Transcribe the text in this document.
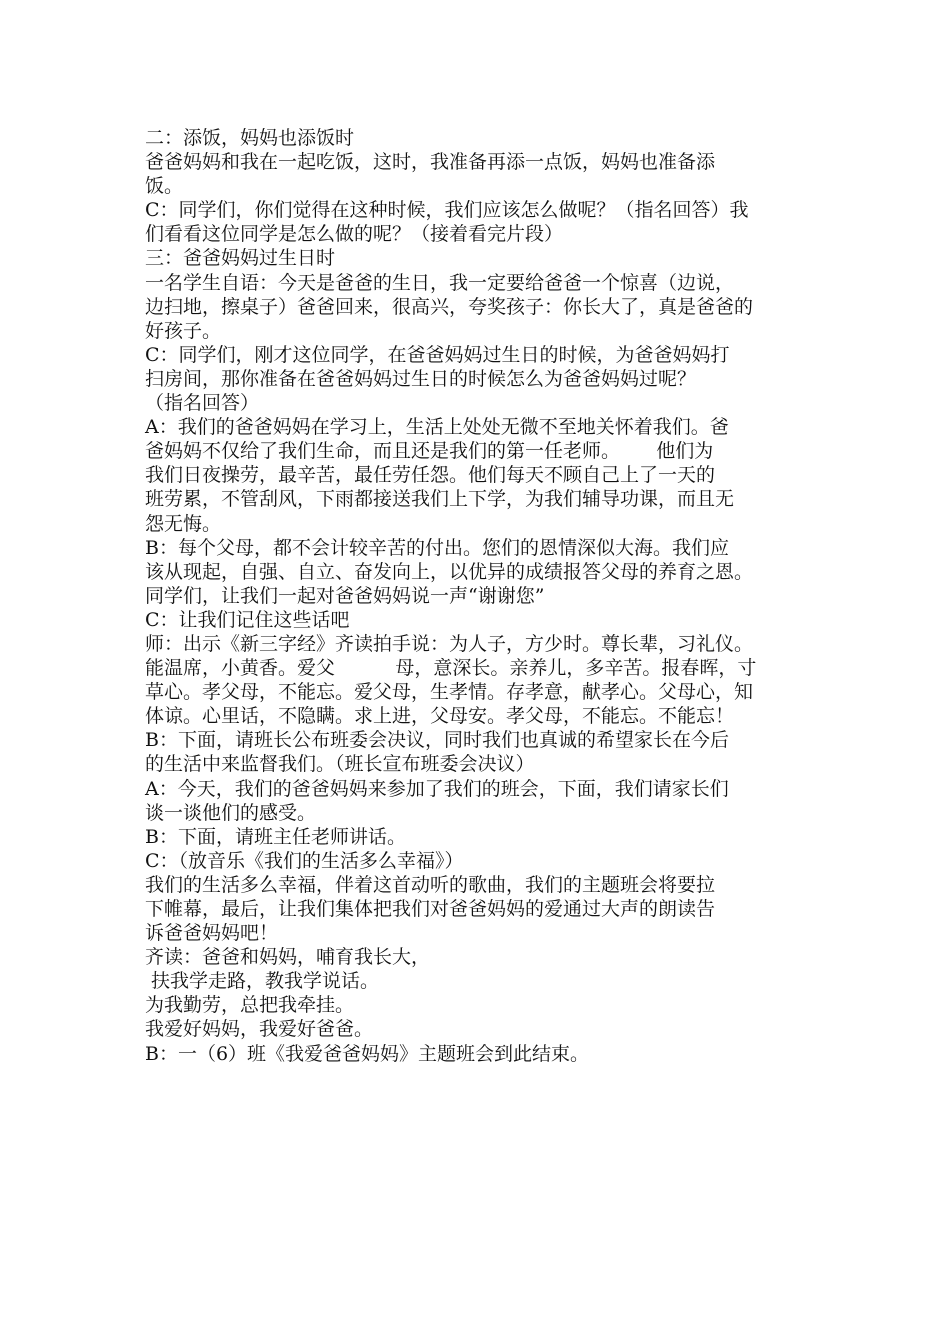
二：添饭，妈妈也添饭时

爸爸妈妈和我在一起吃饭，这时，我准备再添一点饭，妈妈也准备添

饭。

C：同学们，你们觉得在这种时候，我们应该怎么做呢？（指名回答）我

们看看这位同学是怎么做的呢？（接着看完片段）

三：爸爸妈妈过生日时

一名学生自语：今天是爸爸的生日，我一定要给爸爸一个惊喜（边说，

边扫地，擦桌子）爸爸回来，很高兴，夸奖孩子：你长大了，真是爸爸的

好孩子。

C：同学们，刚才这位同学，在爸爸妈妈过生日的时候，为爸爸妈妈打

扫房间，那你准备在爸爸妈妈过生日的时候怎么为爸爸妈妈过呢？

（指名回答）

A：我们的爸爸妈妈在学习上，生活上处处无微不至地关怀着我们。爸

爸妈妈不仅给了我们生命，而且还是我们的第一任老师。      他们为

我们日夜操劳，最辛苦，最任劳任怨。他们每天不顾自己上了一天的

班劳累，不管刮风，下雨都接送我们上下学，为我们辅导功课，而且无

怨无悔。

B：每个父母，都不会计较辛苦的付出。您们的恩情深似大海。我们应

该从现起，自强、自立、奋发向上，以优异的成绩报答父母的养育之恩。

同学们，让我们一起对爸爸妈妈说一声“谢谢您”

C：让我们记住这些话吧

师：出示《新三字经》齐读拍手说：为人子，方少时。尊长辈，习礼仪。

能温席，小黄香。爱父          母，意深长。亲养儿，多辛苦。报春晖，寸

草心。孝父母，不能忘。爱父母，生孝情。存孝意，献孝心。父母心，知

体谅。心里话，不隐瞒。求上进，父母安。孝父母，不能忘。不能忘！

B：下面，请班长公布班委会决议，同时我们也真诚的希望家长在今后

的生活中来监督我们。（班长宣布班委会决议）

A：今天，我们的爸爸妈妈来参加了我们的班会，下面，我们请家长们

谈一谈他们的感受。

B：下面，请班主任老师讲话。

C：（放音乐《我们的生活多么幸福》）

我们的生活多么幸福，伴着这首动听的歌曲，我们的主题班会将要拉

下帷幕，最后，让我们集体把我们对爸爸妈妈的爱通过大声的朗读告

诉爸爸妈妈吧！

齐读：爸爸和妈妈，哺育我长大，

扶我学走路，教我学说话。

为我勤劳，总把我牵挂。

我爱好妈妈，我爱好爸爸。

B：一（6）班《我爱爸爸妈妈》主题班会到此结束。
